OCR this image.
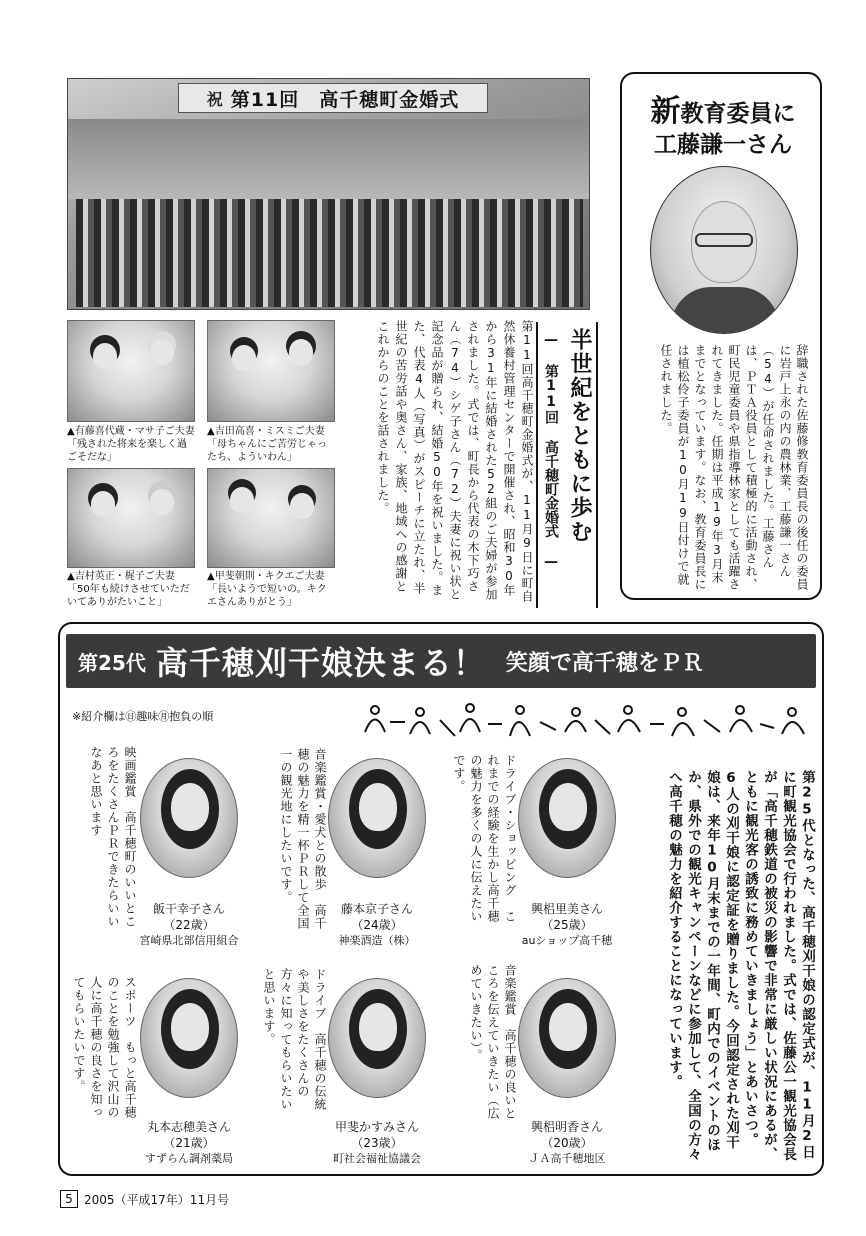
祝 第11回　高千穂町金婚式
▲有藤喜代蔵・マサ子ご夫妻「残された将来を楽しく過ごそだな」
▲吉田高喜・ミスミご夫妻「母ちゃんにご苦労じゃったち、よういわん」
▲吉村英正・梶子ご夫妻「50年も続けさせていただいてありがたいこと」
▲甲斐朝則・キクエご夫妻「長いようで短いの。キクエさんありがとう」	第11回高千穂町金婚式が、11月9日に町自然休養村管理センターで開催され、昭和30年から31年に結婚された52組のご夫婦が参加されました。式では、町長から代表の木下巧さん（74）シゲ子さん（72）夫妻に祝い状と記念品が贈られ、結婚50年を祝いました。また、代表4人（写真）がスピーチに立たれ、半世紀の苦労話や奥さん、家族、地域への感謝とこれからのことを話されました。	半世紀をともに歩む
— 第11回 高千穂町金婚式 —
新教育委員に
工藤謙一さん
辞職された佐藤修教育委員長の後任の委員に岩戸上永の内の農林業、工藤謙一さん（54）が任命されました。工藤さんは、ＰＴＡ役員として積極的に活動され、町民児童委員や県指導林家としても活躍されてきました。任期は平成19年3月末までとなっています。なお、教育委員長には植松伶子委員が10月19日付けで就任されました。
第25代 高千穂刈干娘決まる！ 笑顔で高千穂をＰＲ
※紹介欄は㊐趣味㊊抱負の順
第25代となった、高千穂刈干娘の認定式が、11月2日に町観光協会で行われました。式では、佐藤公一観光協会長が「高千穂鉄道の被災の影響で非常に厳しい状況にあるが、ともに観光客の誘致に務めていきましょう」とあいさつ。6人の刈干娘に認定証を贈りました。今回認定された刈干娘は、来年10月末までの一年間、町内でのイベントのほか、県外での観光キャンペーンなどに参加して、全国の方々へ高千穂の魅力を紹介することになっています。
ドライブ・ショッピング　これまでの経験を生かし高千穂の魅力を多くの人に伝えたいです。
興梠里美さん
（25歳）
auショップ高千穂
音楽鑑賞・愛犬との散歩　高千穂の魅力を精一杯ＰＲして全国一の観光地にしたいです。
藤本京子さん
（24歳）
神楽酒造（株）
映画鑑賞　高千穂町のいいところをたくさんＰＲできたらいいなあと思います
飯干幸子さん
（22歳）
宮崎県北部信用組合
音楽鑑賞　高千穂の良いところを伝えていきたい（広めていきたい）。
興梠明香さん
（20歳）
ＪＡ高千穂地区
ドライブ　高千穂の伝統や美しさをたくさんの方々に知ってもらいたいと思います。
甲斐かすみさん
（23歳）
町社会福祉協議会
スポーツ　もっと高千穂のことを勉強して沢山の人に高千穂の良さを知ってもらいたいです。
丸本志穂美さん
（21歳）
すずらん調剤薬局
5 2005（平成17年）11月号
